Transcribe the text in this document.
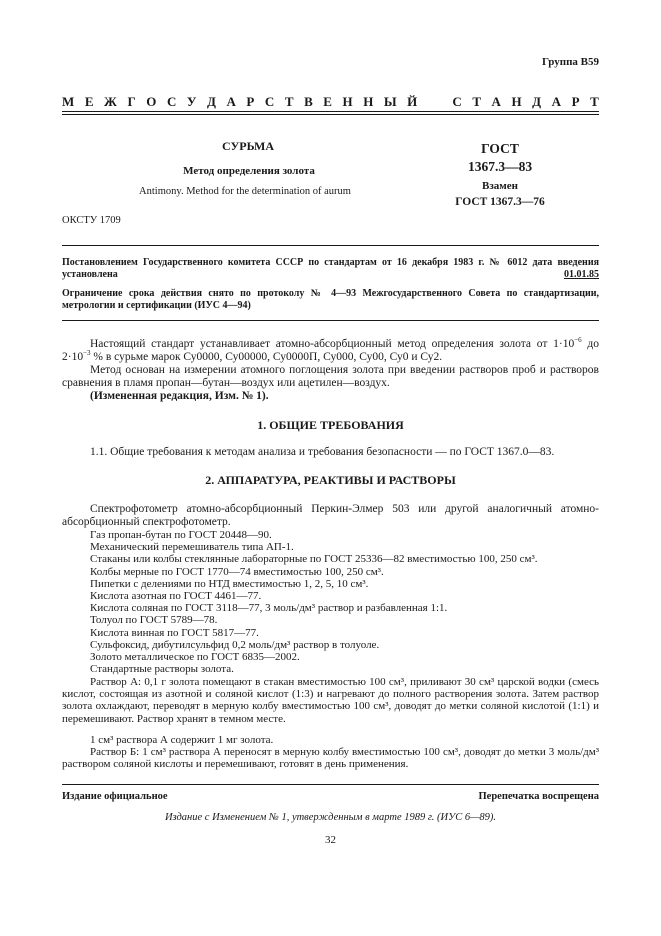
Группа В59
М Е Ж Г О С У Д А Р С Т В Е Н Н Ы Й	С Т А Н Д А Р Т
СУРЬМА
Метод определения золота
Antimony. Method for the determination of aurum
ГОСТ
1367.3—83
Взамен
ГОСТ 1367.3—76
ОКСТУ 1709
Постановлением Государственного комитета СССР по стандартам от 16 декабря 1983 г. № 6012 дата введения установлена	01.01.85
Ограничение срока действия снято по протоколу № 4—93 Межгосударственного Совета по стандартизации, метрологии и сертификации (ИУС 4—94)
Настоящий стандарт устанавливает атомно-абсорбционный метод определения золота от $1\cdot 10^{-6}$ до $2\cdot 10^{-3}$ % в сурьме марок Су0000, Су00000, Су0000П, Су000, Су00, Су0 и Су2.
Метод основан на измерении атомного поглощения золота при введении растворов проб и растворов сравнения в пламя пропан—бутан—воздух или ацетилен—воздух.
(Измененная редакция, Изм. № 1).
1. ОБЩИЕ ТРЕБОВАНИЯ
1.1. Общие требования к методам анализа и требования безопасности — по ГОСТ 1367.0—83.
2. АППАРАТУРА, РЕАКТИВЫ И РАСТВОРЫ
Спектрофотометр атомно-абсорбционный Перкин-Элмер 503 или другой аналогичный атомно-абсорбционный спектрофотометр.
Газ пропан-бутан по ГОСТ 20448—90.
Механический перемешиватель типа АП-1.
Стаканы или колбы стеклянные лабораторные по ГОСТ 25336—82 вместимостью 100, 250 см³.
Колбы мерные по ГОСТ 1770—74 вместимостью 100, 250 см³.
Пипетки с делениями по НТД вместимостью 1, 2, 5, 10 см³.
Кислота азотная по ГОСТ 4461—77.
Кислота соляная по ГОСТ 3118—77, 3 моль/дм³ раствор и разбавленная 1:1.
Толуол по ГОСТ 5789—78.
Кислота винная по ГОСТ 5817—77.
Сульфоксид, дибутилсульфид 0,2 моль/дм³ раствор в толуоле.
Золото металлическое по ГОСТ 6835—2002.
Стандартные растворы золота.
Раствор А: 0,1 г золота помещают в стакан вместимостью 100 см³, приливают 30 см³ царской водки (смесь кислот, состоящая из азотной и соляной кислот (1:3) и нагревают до полного растворения золота. Затем раствор золота охлаждают, переводят в мерную колбу вместимостью 100 см³, доводят до метки соляной кислотой (1:1) и перемешивают. Раствор хранят в темном месте.
1 см³ раствора А содержит 1 мг золота.
Раствор Б: 1 см³ раствора А переносят в мерную колбу вместимостью 100 см³, доводят до метки 3 моль/дм³ раствором соляной кислоты и перемешивают, готовят в день применения.
Издание официальное	Перепечатка воспрещена
Издание с Изменением № 1, утвержденным в марте 1989 г. (ИУС 6—89).
32
